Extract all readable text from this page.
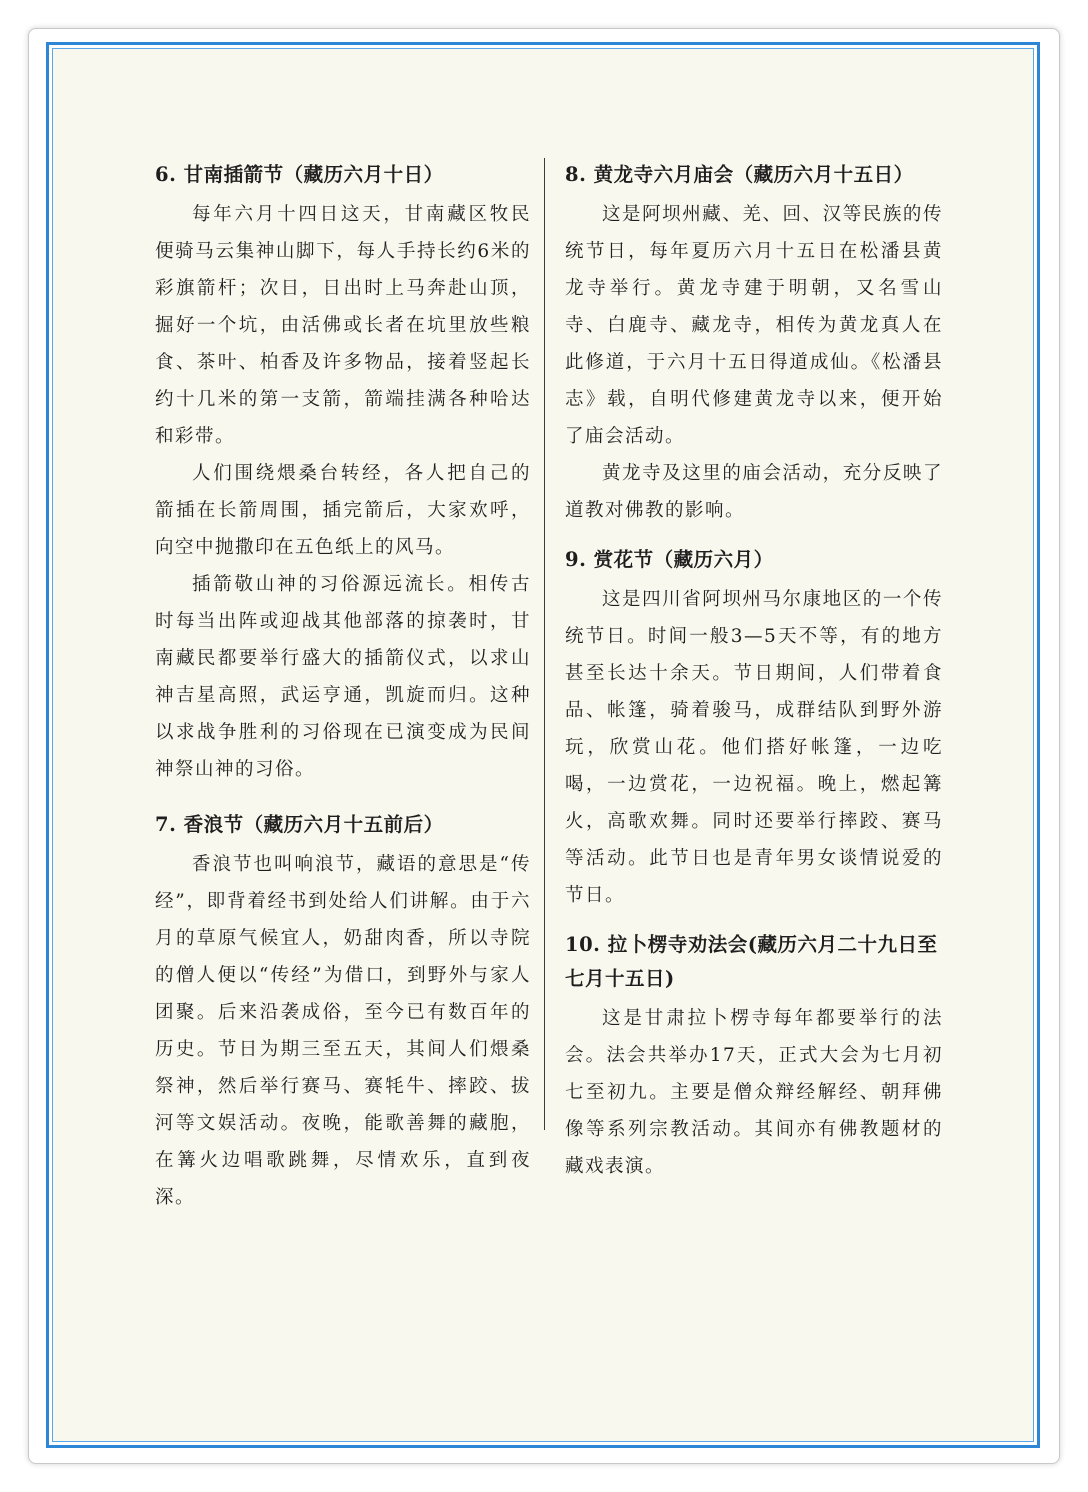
6. 甘南插箭节（藏历六月十日）

每年六月十四日这天，甘南藏区牧民便骑马云集神山脚下，每人手持长约6米的彩旗箭杆；次日，日出时上马奔赴山顶，掘好一个坑，由活佛或长者在坑里放些粮食、茶叶、柏香及许多物品，接着竖起长约十几米的第一支箭，箭端挂满各种哈达和彩带。

人们围绕煨桑台转经，各人把自己的箭插在长箭周围，插完箭后，大家欢呼，向空中抛撒印在五色纸上的风马。

插箭敬山神的习俗源远流长。相传古时每当出阵或迎战其他部落的掠袭时，甘南藏民都要举行盛大的插箭仪式，以求山神吉星高照，武运亨通，凯旋而归。这种以求战争胜利的习俗现在已演变成为民间神祭山神的习俗。

7. 香浪节（藏历六月十五前后）

香浪节也叫响浪节，藏语的意思是“传经”，即背着经书到处给人们讲解。由于六月的草原气候宜人，奶甜肉香，所以寺院的僧人便以“传经”为借口，到野外与家人团聚。后来沿袭成俗，至今已有数百年的历史。节日为期三至五天，其间人们煨桑祭神，然后举行赛马、赛牦牛、摔跤、拔河等文娱活动。夜晚，能歌善舞的藏胞，在篝火边唱歌跳舞，尽情欢乐，直到夜深。

8. 黄龙寺六月庙会（藏历六月十五日）

这是阿坝州藏、羌、回、汉等民族的传统节日，每年夏历六月十五日在松潘县黄龙寺举行。黄龙寺建于明朝，又名雪山寺、白鹿寺、藏龙寺，相传为黄龙真人在此修道，于六月十五日得道成仙。《松潘县志》载，自明代修建黄龙寺以来，便开始了庙会活动。

黄龙寺及这里的庙会活动，充分反映了道教对佛教的影响。

9. 赏花节（藏历六月）

这是四川省阿坝州马尔康地区的一个传统节日。时间一般3—5天不等，有的地方甚至长达十余天。节日期间，人们带着食品、帐篷，骑着骏马，成群结队到野外游玩，欣赏山花。他们搭好帐篷，一边吃喝，一边赏花，一边祝福。晚上，燃起篝火，高歌欢舞。同时还要举行摔跤、赛马等活动。此节日也是青年男女谈情说爱的节日。

10. 拉卜楞寺劝法会(藏历六月二十九日至七月十五日)

这是甘肃拉卜楞寺每年都要举行的法会。法会共举办17天，正式大会为七月初七至初九。主要是僧众辩经解经、朝拜佛像等系列宗教活动。其间亦有佛教题材的藏戏表演。
